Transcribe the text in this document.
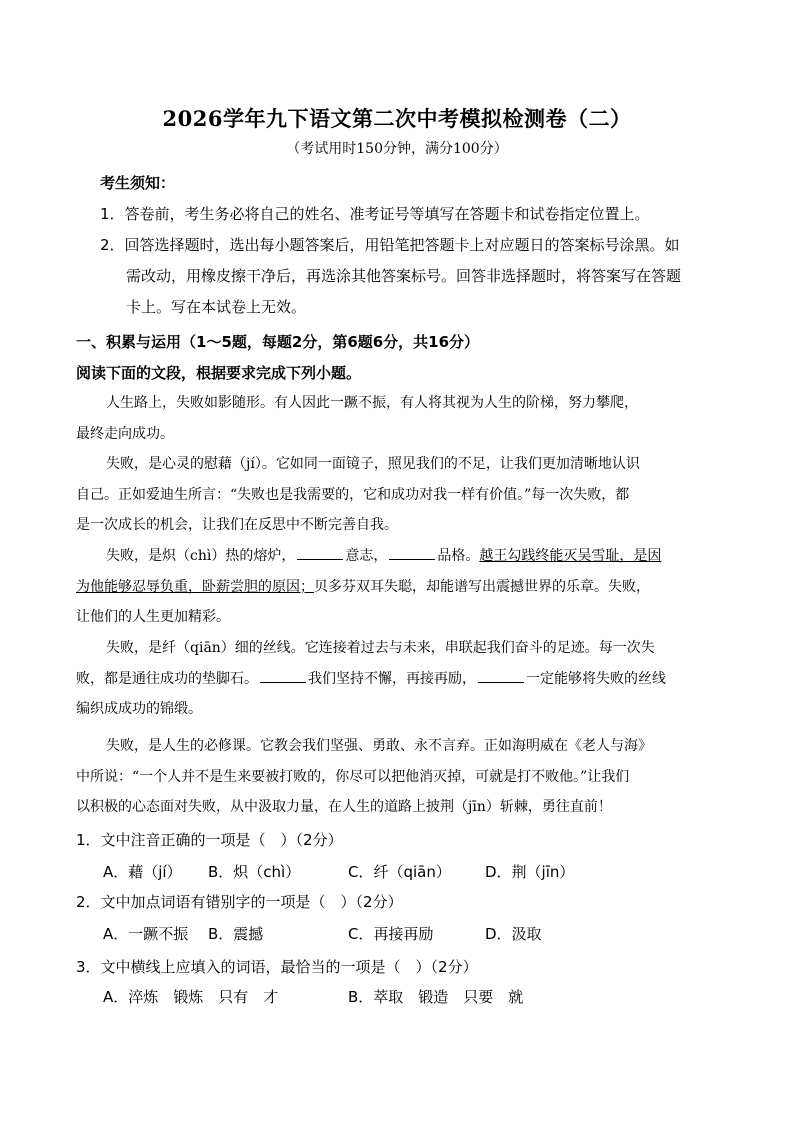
2026学年九下语文第二次中考模拟检测卷（二）
（考试用时150分钟，满分100分）
考生须知：
1．答卷前，考生务必将自己的姓名、准考证号等填写在答题卡和试卷指定位置上。
2．回答选择题时，选出每小题答案后，用铅笔把答题卡上对应题日的答案标号涂黑。如
需改动，用橡皮擦干净后，再选涂其他答案标号。回答非选择题时，将答案写在答题
卡上。写在本试卷上无效。
一、积累与运用（1～5题，每题2分，第6题6分，共16分）
阅读下面的文段，根据要求完成下列小题。
人生路上，失败如影随形。有人因此一蹶不振，有人将其视为人生的阶梯，努力攀爬，
最终走向成功。
失败，是心灵的慰藉（jí）。它如同一面镜子，照见我们的不足，让我们更加清晰地认识
自己。正如爱迪生所言：“失败也是我需要的，它和成功对我一样有价值。”每一次失败，都
是一次成长的机会，让我们在反思中不断完善自我。
失败，是炽（chì）热的熔炉，	意志，	品格。越王勾践终能灭吴雪耻，是因
为他能够忍辱负重，卧薪尝胆的原因；贝多芬双耳失聪，却能谱写出震撼世界的乐章。失败，
让他们的人生更加精彩。
失败，是纤（qiān）细的丝线。它连接着过去与未来，串联起我们奋斗的足迹。每一次失
败，都是通往成功的垫脚石。	我们坚持不懈，再接再励，	一定能够将失败的丝线
编织成成功的锦缎。
失败，是人生的必修课。它教会我们坚强、勇敢、永不言弃。正如海明威在《老人与海》
中所说：“一个人并不是生来要被打败的，你尽可以把他消灭掉，可就是打不败他。”让我们
以积极的心态面对失败，从中汲取力量，在人生的道路上披荆（jīn）斩棘，勇往直前！
1．文中注音正确的一项是（　）（2分）
A．藉（jí） B．炽（chì）	C．纤（qiān） D．荆（jīn）
2．文中加点词语有错别字的一项是（　）（2分）
A．一蹶不振 B．震撼	C．再接再励	D．汲取
3．文中横线上应填入的词语，最恰当的一项是（　）（2分）
A．淬炼　锻炼　只有　才	B．萃取　锻造　只要　就
